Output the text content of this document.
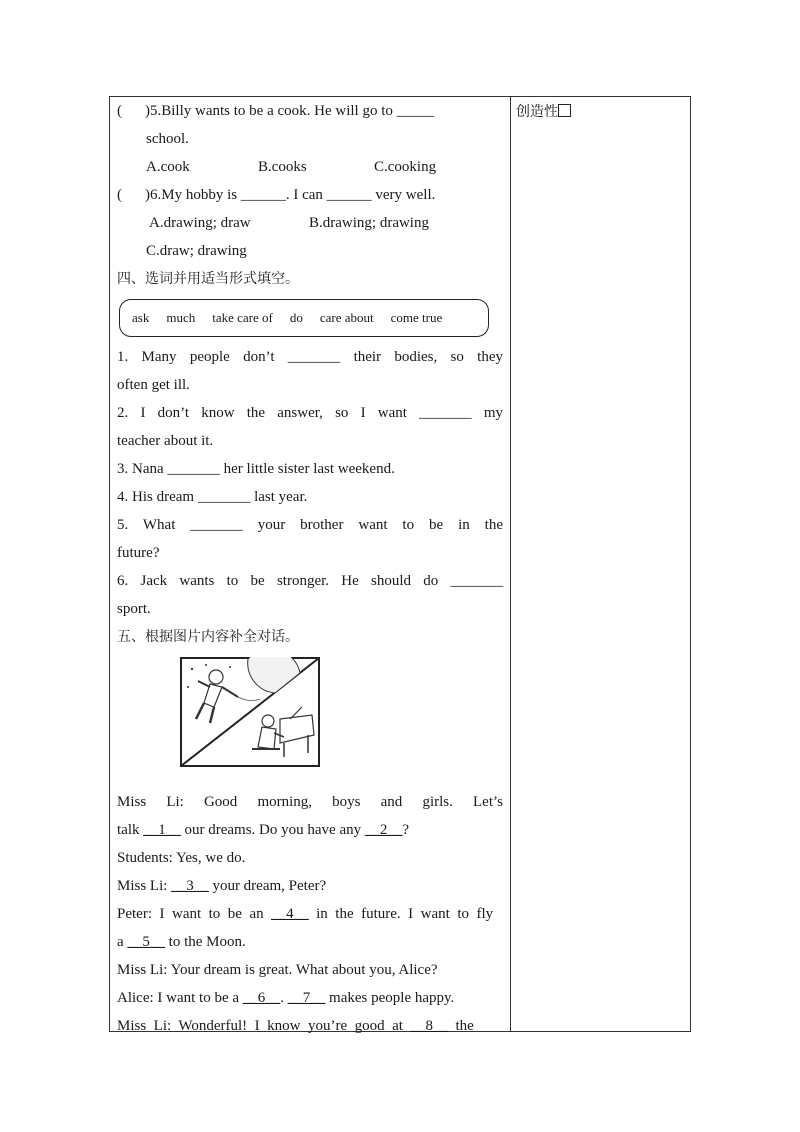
( )5.Billy wants to be a cook. He will go to _____
school.
A.cook	B.cooks	C.cooking
( )6.My hobby is ______. I can ______ very well.
A.drawing; draw	B.drawing; drawing
C.draw; drawing
四、选词并用适当形式填空。
ask much take care of do care about come true
1. Many people don’t _______ their bodies, so they
often get ill.
2. I don’t know the answer, so I want _______ my
teacher about it.
3. Nana _______ her little sister last weekend.
4. His dream _______ last year.
5. What _______ your brother want to be in the
future?
6. Jack wants to be stronger. He should do _______
sport.
五、根据图片内容补全对话。
Miss Li: Good morning, boys and girls. Let’s
talk __1__ our dreams. Do you have any __2__?
Students: Yes, we do.
Miss Li: __3__ your dream, Peter?
Peter:  I  want  to  be  an  __4__  in  the  future.  I  want  to  fly
a __5__ to the Moon.
Miss Li: Your dream is great. What about you, Alice?
Alice: I want to be a __6__. __7__ makes people happy.
Miss  Li:  Wonderful!  I  know  you’re  good  at  __8__  the
创造性
